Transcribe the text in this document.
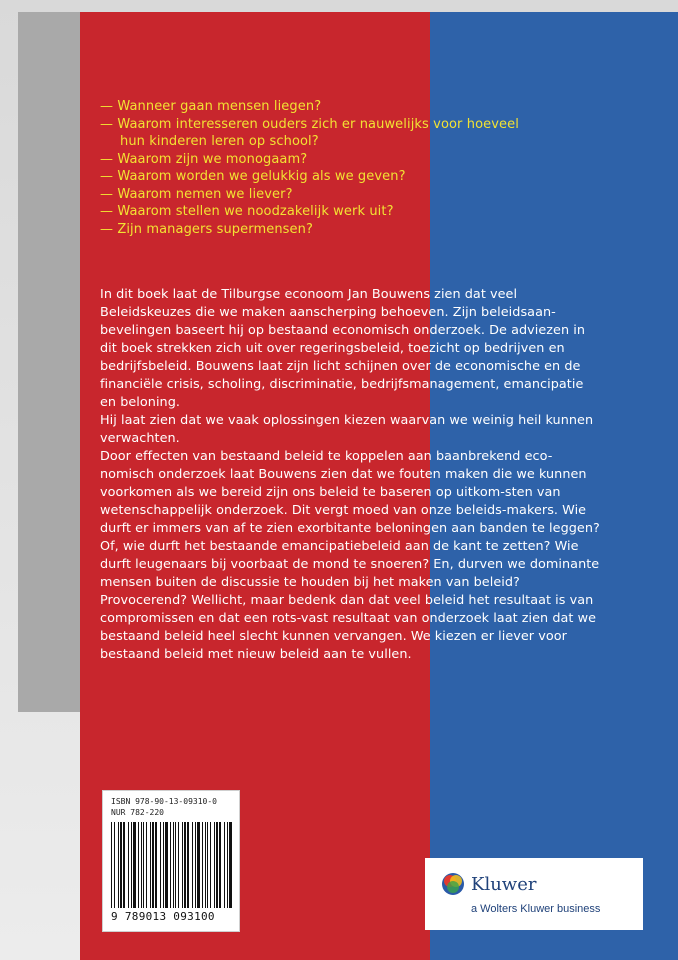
— Wanneer gaan mensen liegen?
— Waarom interesseren ouders zich er nauwelijks voor hoeveel hun kinderen leren op school?
— Waarom zijn we monogaam?
— Waarom worden we gelukkig als we geven?
— Waarom nemen we liever?
— Waarom stellen we noodzakelijk werk uit?
— Zijn managers supermensen?

In dit boek laat de Tilburgse econoom Jan Bouwens zien dat veel Beleidskeuzes die we maken aanscherping behoeven. Zijn beleidsaan-bevelingen baseert hij op bestaand economisch onderzoek. De adviezen in dit boek strekken zich uit over regeringsbeleid, toezicht op bedrijven en bedrijfsbeleid. Bouwens laat zijn licht schijnen over de economische en de financiële crisis, scholing, discriminatie, bedrijfsmanagement, emancipatie en beloning.

Hij laat zien dat we vaak oplossingen kiezen waarvan we weinig heil kunnen verwachten.

Door effecten van bestaand beleid te koppelen aan baanbrekend eco-nomisch onderzoek laat Bouwens zien dat we fouten maken die we kunnen voorkomen als we bereid zijn ons beleid te baseren op uitkom-sten van wetenschappelijk onderzoek. Dit vergt moed van onze beleids-makers. Wie durft er immers van af te zien exorbitante beloningen aan banden te leggen? Of, wie durft het bestaande emancipatiebeleid aan de kant te zetten? Wie durft leugenaars bij voorbaat de mond te snoeren? En, durven we dominante mensen buiten de discussie te houden bij het maken van beleid? Provocerend? Wellicht, maar bedenk dan dat veel beleid het resultaat is van compromissen en dat een rots-vast resultaat van onderzoek laat zien dat we bestaand beleid heel slecht kunnen vervangen. We kiezen er liever voor bestaand beleid met nieuw beleid aan te vullen.

ISBN 978-90-13-09310-0
NUR 782-220
9 789013 093100
Kluwer
a Wolters Kluwer business
